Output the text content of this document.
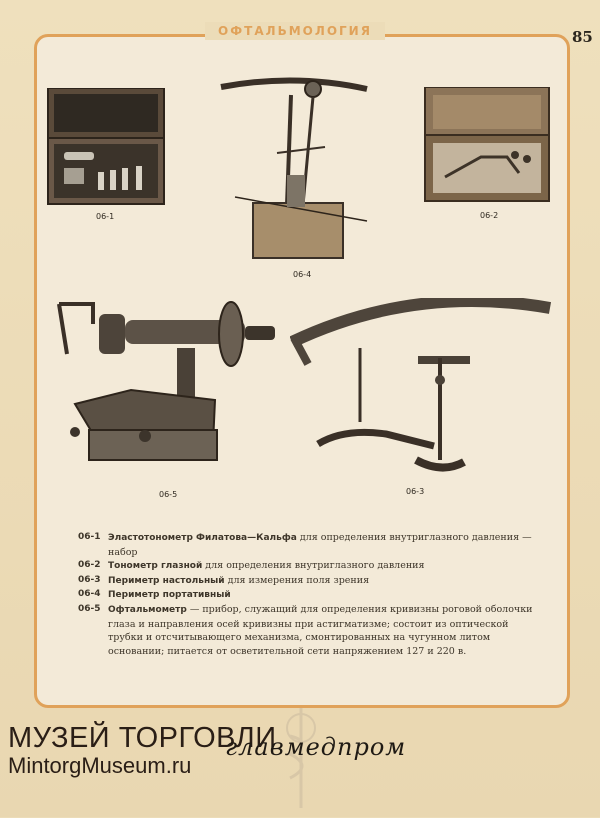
ОФТАЛЬМОЛОГИЯ	85
06-1
06-4
06-2
06-5	06-3
06-1 Эластотонометр Филатова—Кальфа для определения внутриглазного давления — набор
06-2 Тонометр глазной для определения внутриглазного давления
06-3 Периметр настольный для измерения поля зрения
06-4 Периметр портативный
06-5 Офтальмометр — прибор, служащий для определения кривизны роговой оболочки глаза и направления осей кривизны при астигматизме; состоит из оптической трубки и отсчитывающего механизма, смонтированных на чугунном литом основании; питается от осветительной сети напряжением 127 и 220 в.
МУЗЕЙ ТОРГОВЛИ
MintorgMuseum.ru
главмедпром
